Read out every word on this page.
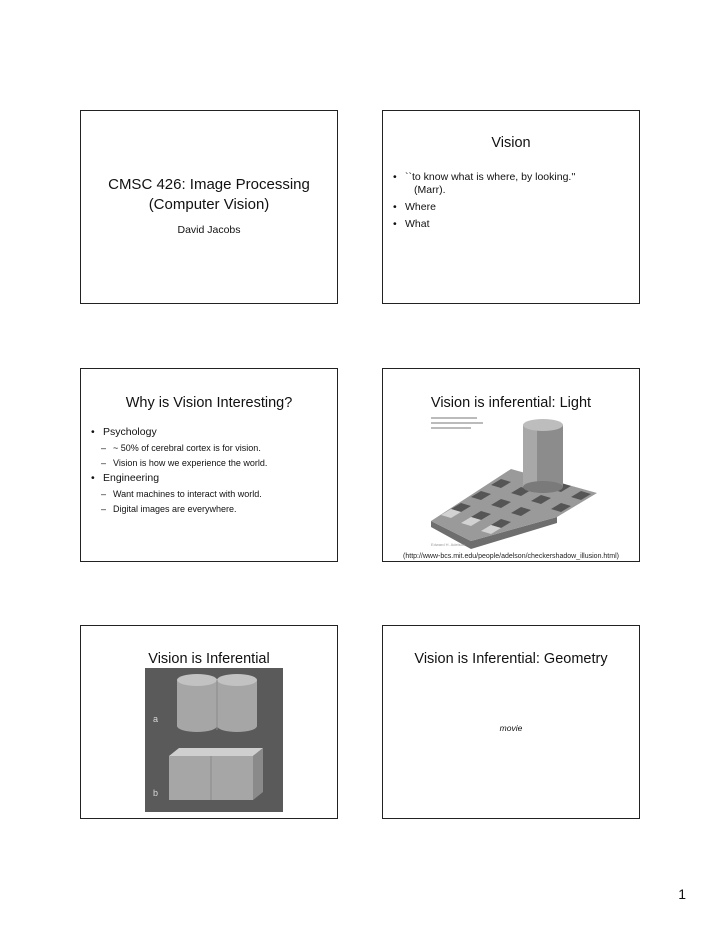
CMSC 426: Image Processing
(Computer Vision)
David Jacobs
Vision
• ``to know what is where, by looking.''
(Marr).
• Where
• What
Why is Vision Interesting?
• Psychology
– ~ 50% of cerebral cortex is for vision.
– Vision is how we experience the world.
• Engineering
– Want machines to interact with world.
– Digital images are everywhere.
Vision is inferential: Light
Edward H. Adelson
(http://www-bcs.mit.edu/people/adelson/checkershadow_illusion.html)
Vision is Inferential
a
b
Vision is Inferential: Geometry
movie
1
